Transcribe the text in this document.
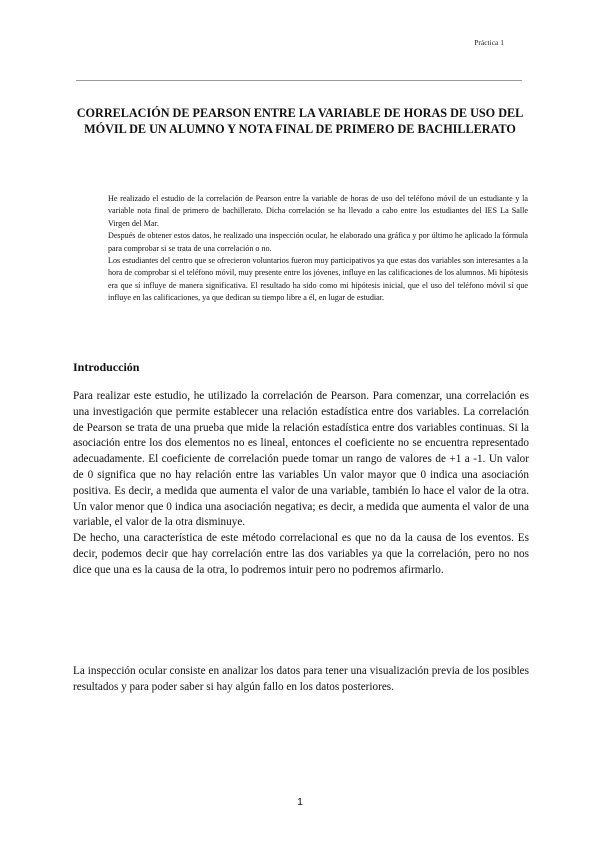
Práctica 1
CORRELACIÓN DE PEARSON ENTRE LA VARIABLE DE HORAS DE USO DEL
MÓVIL DE UN ALUMNO Y NOTA FINAL DE PRIMERO DE BACHILLERATO

He realizado el estudio de la correlación de Pearson entre la variable de horas de uso del teléfono móvil de un estudiante y la variable nota final de primero de bachillerato. Dicha correlación se ha llevado a cabo entre los estudiantes del IES La Salle Virgen del Mar.

Después de obtener estos datos, he realizado una inspección ocular, he elaborado una gráfica y por último he aplicado la fórmula para comprobar si se trata de una correlación o no.

Los estudiantes del centro que se ofrecieron voluntarios fueron muy participativos ya que estas dos variables son interesantes a la hora de comprobar si el teléfono móvil, muy presente entre los jóvenes, influye en las calificaciones de los alumnos. Mi hipótesis era que sí influye de manera significativa. El resultado ha sido como mi hipótesis inicial, que el uso del teléfono móvil sí que influye en las calificaciones, ya que dedican su tiempo libre a él, en lugar de estudiar.

Introducción

Para realizar este estudio, he utilizado la correlación de Pearson. Para comenzar, una correlación es una investigación que permite establecer una relación estadística entre dos variables. La correlación de Pearson se trata de una prueba que mide la relación estadística entre dos variables continuas. Si la asociación entre los dos elementos no es lineal, entonces el coeficiente no se encuentra representado adecuadamente. El coeficiente de correlación puede tomar un rango de valores de +1 a -1. Un valor de 0 significa que no hay relación entre las variables Un valor mayor que 0 indica una asociación positiva. Es decir, a medida que aumenta el valor de una variable, también lo hace el valor de la otra. Un valor menor que 0 indica una asociación negativa; es decir, a medida que aumenta el valor de una variable, el valor de la otra disminuye.

De hecho, una característica de este método correlacional es que no da la causa de los eventos. Es decir, podemos decir que hay correlación entre las dos variables ya que la correlación, pero no nos dice que una es la causa de la otra, lo podremos intuir pero no podremos afirmarlo.

La inspección ocular consiste en analizar los datos para tener una visualización previa de los posibles resultados y para poder saber si hay algún fallo en los datos posteriores.

1
